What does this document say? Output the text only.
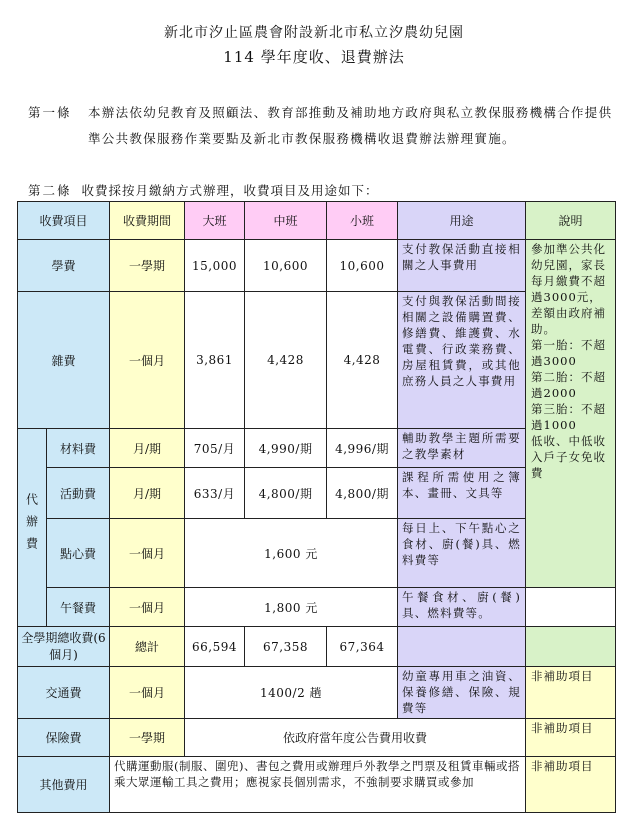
新北市汐止區農會附設新北市私立汐農幼兒園
114 學年度收、退費辦法
第一條 本辦法依幼兒教育及照顧法、教育部推動及補助地方政府與私立教保服務機構合作提供準公共教保服務作業要點及新北市教保服務機構收退費辦法辦理實施。
第二條 收費採按月繳納方式辦理，收費項目及用途如下：
收費項目		收費期間	大班	中班	小班	用途	說明	
學費		一學期	15,000	10,600	10,600	支付教保活動直接相關之人事費用	參加準公共化幼兒園，家長每月繳費不超過3000元，差額由政府補助。
第一胎：不超過3000
第二胎：不超過2000
第三胎：不超過1000
低收、中低收入戶子女免收費	
雜費		一個月	3,861	4,428	4,428	支付與教保活動間接相關之設備購置費、修繕費、維護費、水電費、行政業務費、房屋租賃費，或其他庶務人員之人事費用		
代辦費	材料費	月/期	705/月	4,990/期	4,996/期	輔助教學主題所需要之教學素材		
	活動費	月/期	633/月	4,800/期	4,800/期	課程所需使用之簿本、畫冊、文具等		
	點心費	一個月	1,600 元			每日上、下午點心之食材、廚(餐)具、燃料費等		
	午餐費	一個月	1,800 元			午餐食材、廚(餐)具、燃料費等。		
全學期總收費(6個月)		總計	66,594	67,358	67,364			
交通費		一個月	1400/2 趟			幼童專用車之油資、保養修繕、保險、規費等	非補助項目	
保險費		一學期	依政府當年度公告費用收費				非補助項目	
其他費用		代購運動服(制服、圍兜)、書包之費用或辦理戶外教學之門票及租賃車輛或搭乘大眾運輸工具之費用；應視家長個別需求，不強制要求購買或參加					非補助項目	
